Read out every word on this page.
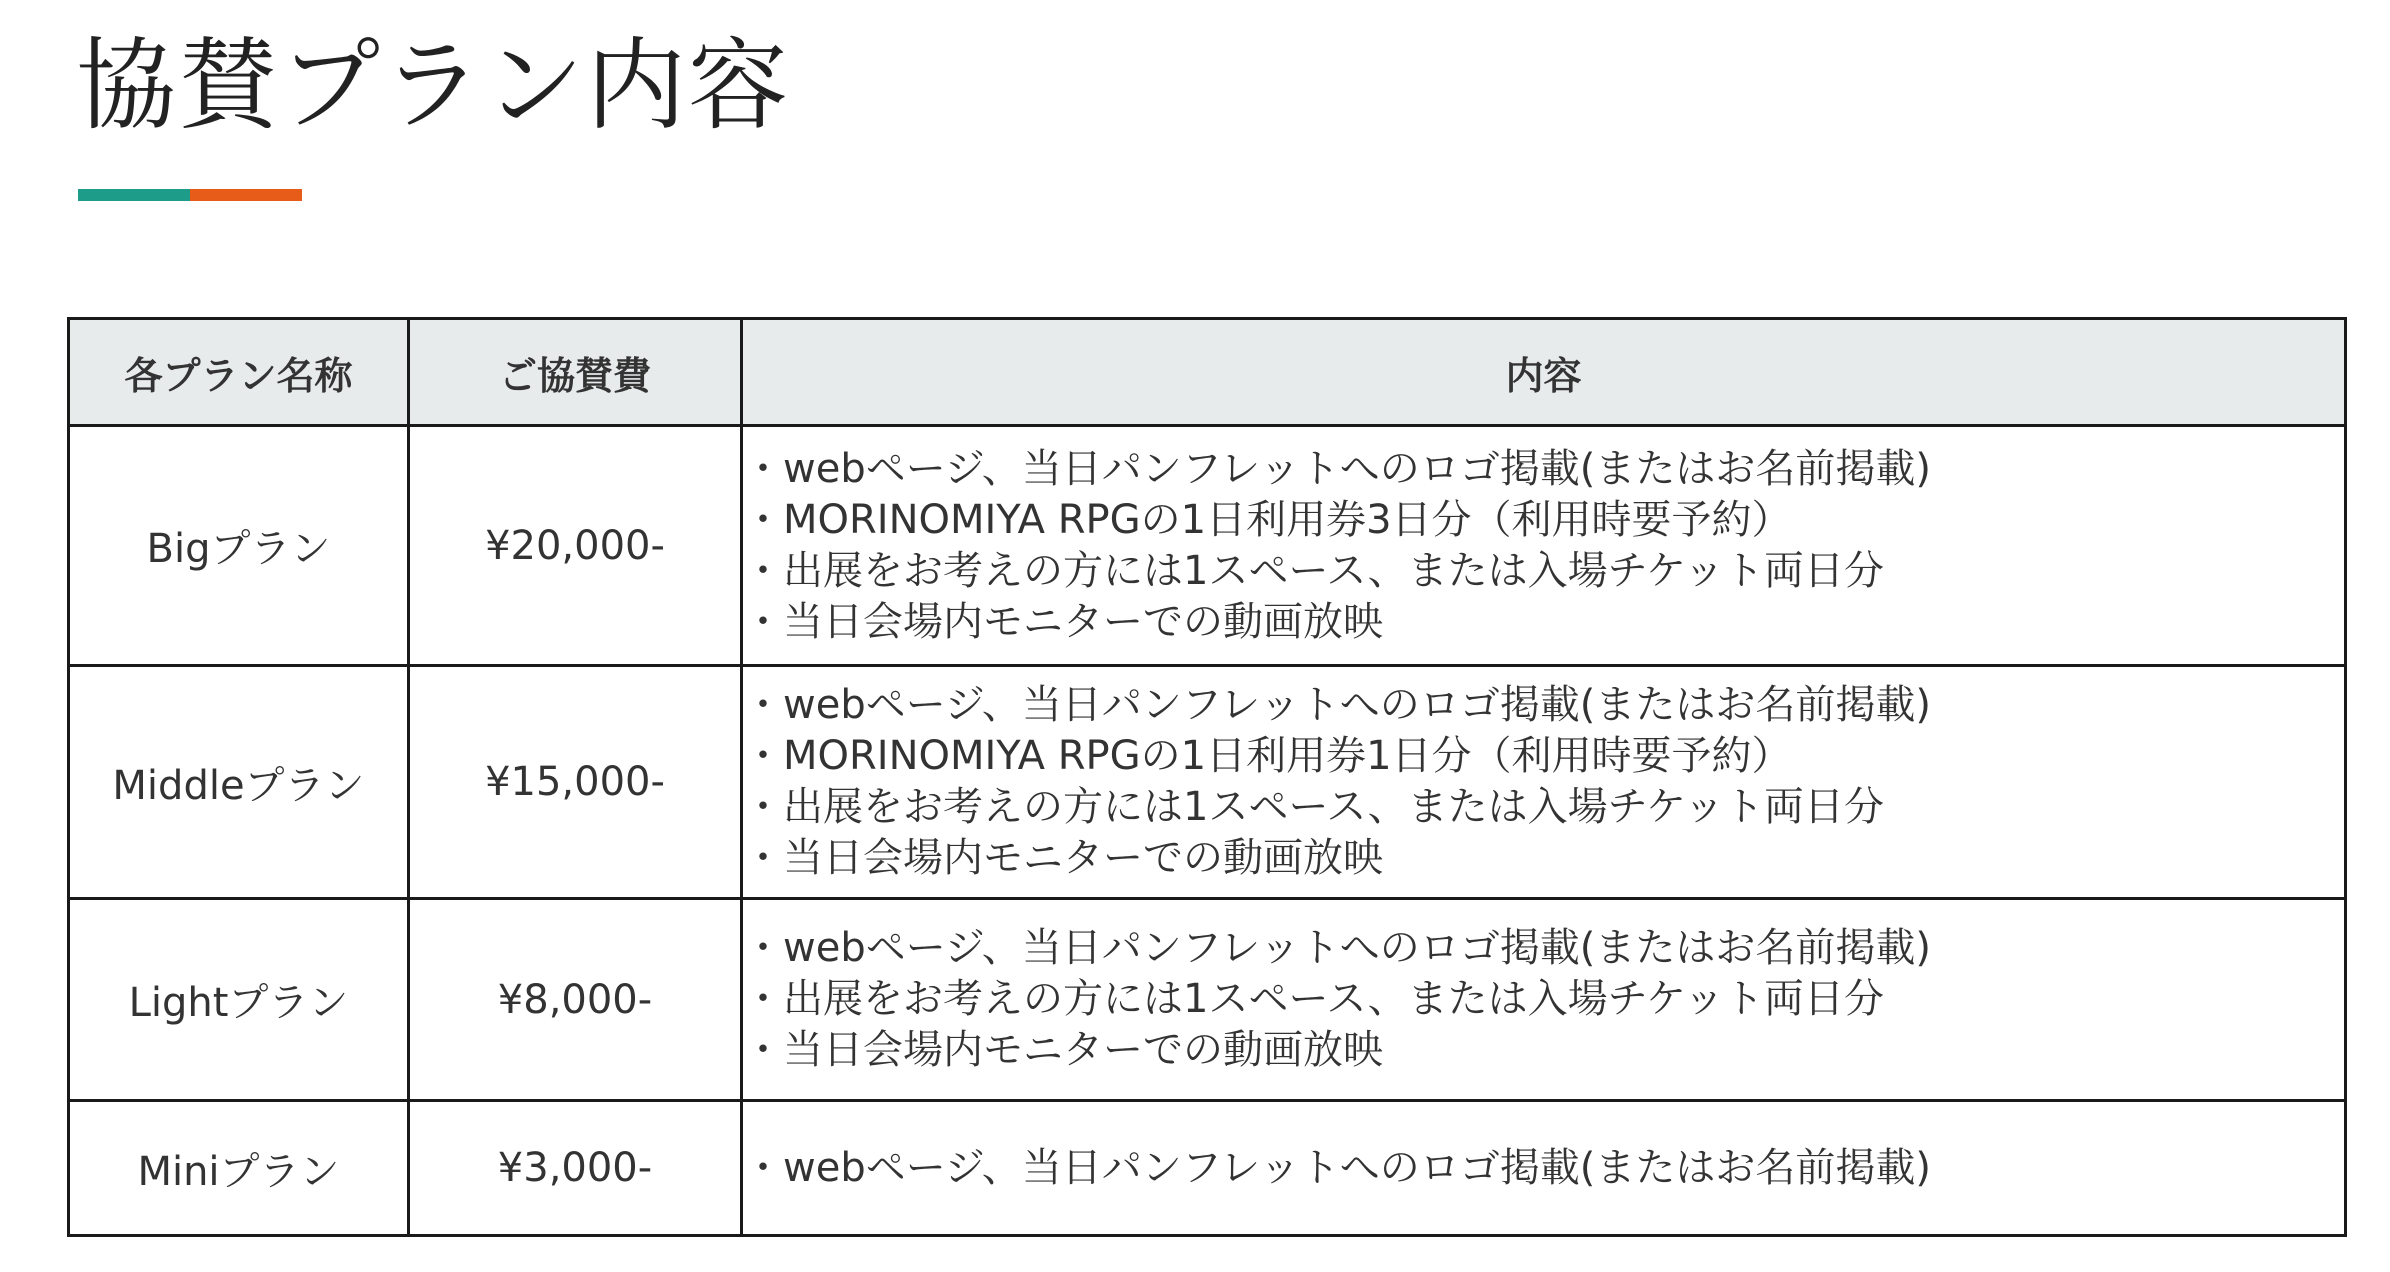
協賛プラン内容
各プラン名称	ご協賛費	内容
Bigプラン	¥20,000-	・webページ、当日パンフレットへのロゴ掲載(またはお名前掲載)
・MORINOMIYA RPGの1日利用券3日分（利用時要予約）
・出展をお考えの方には1スペース、または入場チケット両日分
・当日会場内モニターでの動画放映

Middleプラン	¥15,000-	・webページ、当日パンフレットへのロゴ掲載(またはお名前掲載)
・MORINOMIYA RPGの1日利用券1日分（利用時要予約）
・出展をお考えの方には1スペース、または入場チケット両日分
・当日会場内モニターでの動画放映

Lightプラン	¥8,000-	・webページ、当日パンフレットへのロゴ掲載(またはお名前掲載)
・出展をお考えの方には1スペース、または入場チケット両日分
・当日会場内モニターでの動画放映

Miniプラン	¥3,000-	・webページ、当日パンフレットへのロゴ掲載(またはお名前掲載)
